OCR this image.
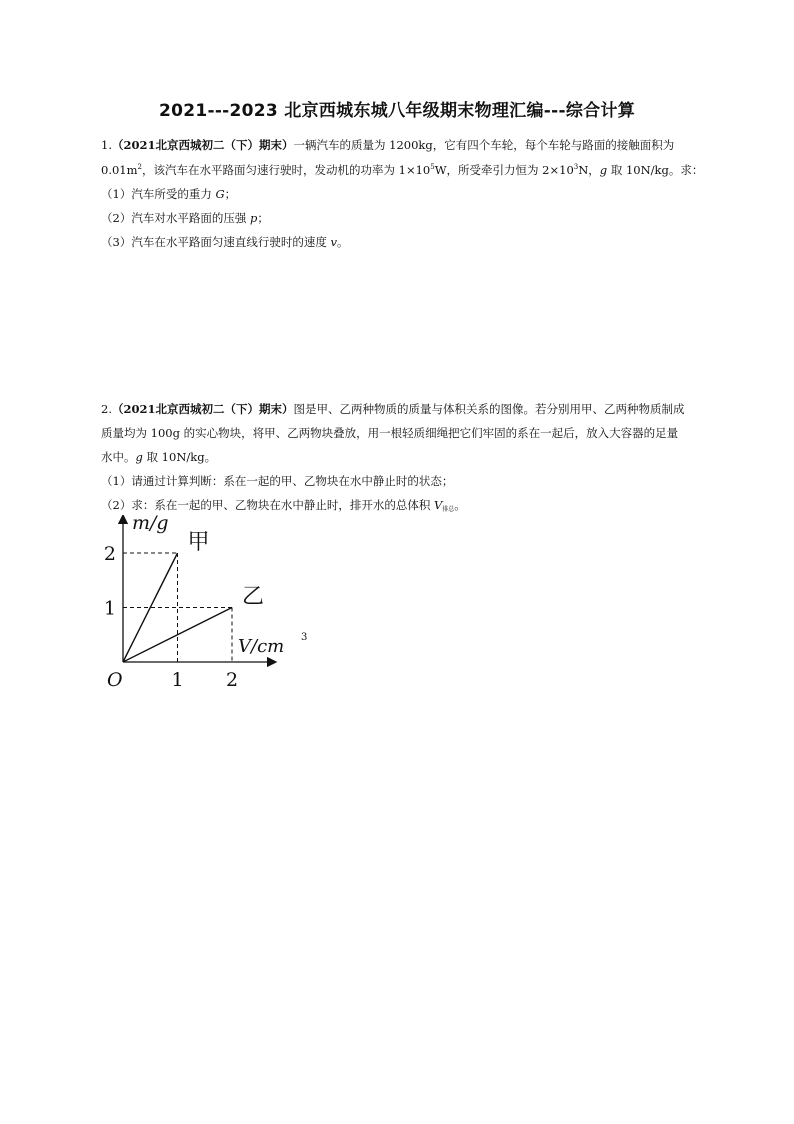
2021---2023 北京西城东城八年级期末物理汇编---综合计算
1.（2021北京西城初二（下）期末）一辆汽车的质量为 1200kg，它有四个车轮，每个车轮与路面的接触面积为
$0.01m^2$，该汽车在水平路面匀速行驶时，发动机的功率为 $1\times 10^5W$，所受牵引力恒为 $2\times 10^3N$，g 取 10N/kg。求：
（1）汽车所受的重力 G；
（2）汽车对水平路面的压强 p；
（3）汽车在水平路面匀速直线行驶时的速度 v。
2.（2021北京西城初二（下）期末）图是甲、乙两种物质的质量与体积关系的图像。若分别用甲、乙两种物质制成
质量均为 100g 的实心物块，将甲、乙两物块叠放，用一根轻质细绳把它们牢固的系在一起后，放入大容器的足量
水中。g 取 10N/kg。
（1）请通过计算判断：系在一起的甲、乙物块在水中静止时的状态；
（2）求：系在一起的甲、乙物块在水中静止时，排开水的总体积 $V_{排总}$。
甲
乙
1 2
1
2
O
m/g
V/cm 3
